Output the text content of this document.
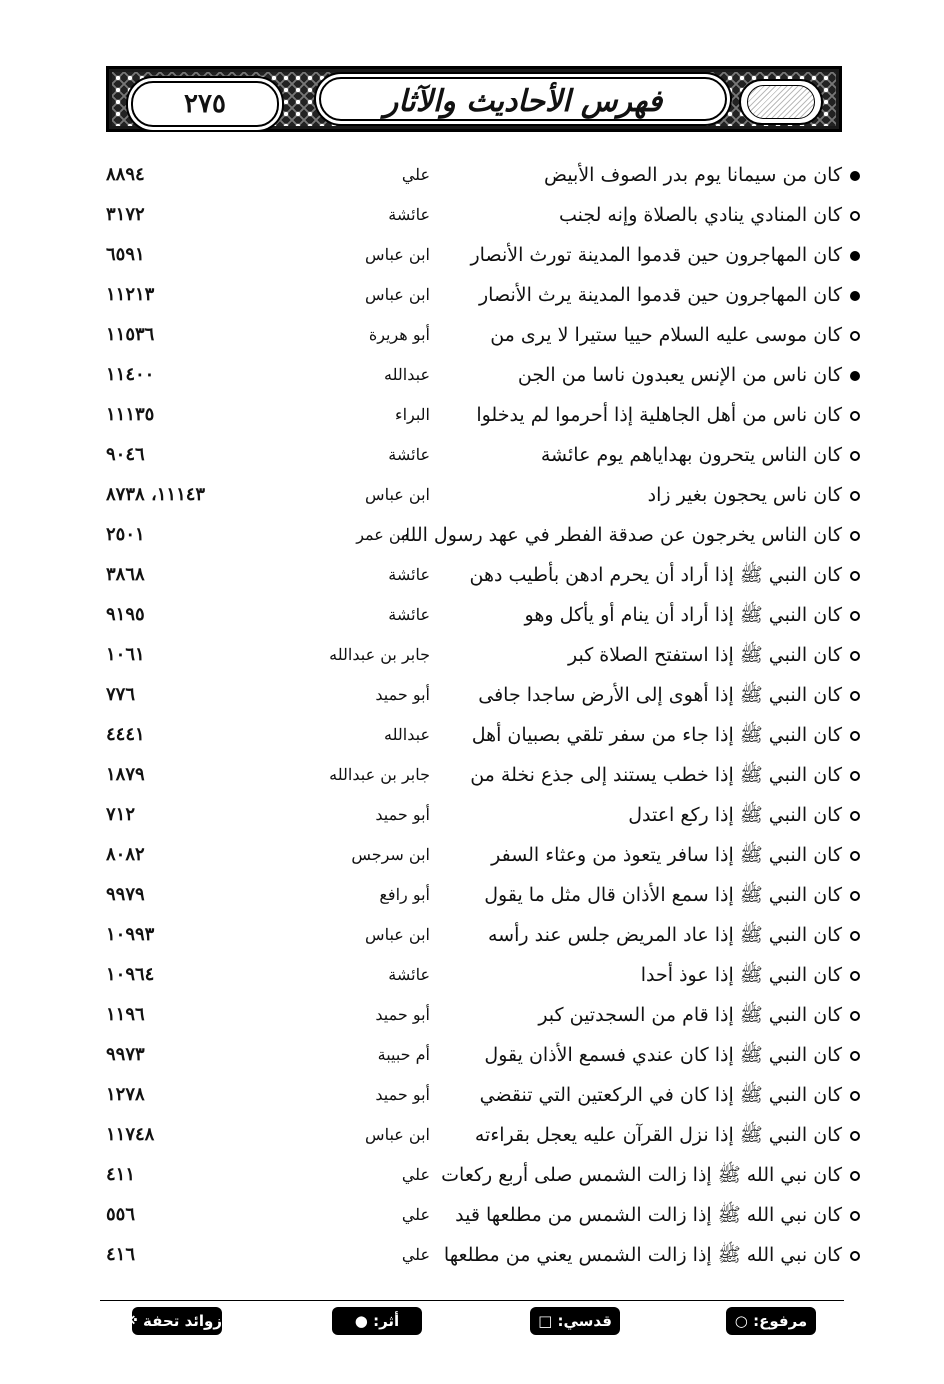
٢٧٥	فهرس الأحاديث والآثار
كان من سيمانا يوم بدر الصوف الأبيض
علي
٨٨٩٤
كان المنادي ينادي بالصلاة وإنه لجنب
عائشة
٣١٧٢
كان المهاجرون حين قدموا المدينة تورث الأنصار
ابن عباس
٦٥٩١
كان المهاجرون حين قدموا المدينة يرث الأنصار
ابن عباس
١١٢١٣
كان موسى عليه السلام حييا ستيرا لا يرى من
أبو هريرة
١١٥٣٦
كان ناس من الإنس يعبدون ناسا من الجن
عبدالله
١١٤٠٠
كان ناس من أهل الجاهلية إذا أحرموا لم يدخلوا
البراء
١١١٣٥
كان الناس يتحرون بهداياهم يوم عائشة
عائشة
٩٠٤٦
كان ناس يحجون بغير زاد
ابن عباس
١١١٤٣، ٨٧٣٨
كان الناس يخرجون عن صدقة الفطر في عهد رسول الله
ابن عمر
٢٥٠١
كان النبي ﷺ إذا أراد أن يحرم ادهن بأطيب دهن
عائشة
٣٨٦٨
كان النبي ﷺ إذا أراد أن ينام أو يأكل وهو
عائشة
٩١٩٥
كان النبي ﷺ إذا استفتح الصلاة كبر
جابر بن عبدالله
١٠٦١
كان النبي ﷺ إذا أهوى إلى الأرض ساجدا جافى
أبو حميد
٧٧٦
كان النبي ﷺ إذا جاء من سفر تلقي بصبيان أهل
عبدالله
٤٤٤١
كان النبي ﷺ إذا خطب يستند إلى جذع نخلة من
جابر بن عبدالله
١٨٧٩
كان النبي ﷺ إذا ركع اعتدل
أبو حميد
٧١٢
كان النبي ﷺ إذا سافر يتعوذ من وعثاء السفر
ابن سرجس
٨٠٨٢
كان النبي ﷺ إذا سمع الأذان قال مثل ما يقول
أبو رافع
٩٩٧٩
كان النبي ﷺ إذا عاد المريض جلس عند رأسه
ابن عباس
١٠٩٩٣
كان النبي ﷺ إذا عوذ أحدا
عائشة
١٠٩٦٤
كان النبي ﷺ إذا قام من السجدتين كبر
أبو حميد
١١٩٦
كان النبي ﷺ إذا كان عندي فسمع الأذان يقول
أم حبيبة
٩٩٧٣
كان النبي ﷺ إذا كان في الركعتين التي تنقضي
أبو حميد
١٢٧٨
كان النبي ﷺ إذا نزل القرآن عليه يعجل بقراءته
ابن عباس
١١٧٤٨
كان نبي الله ﷺ إذا زالت الشمس صلى أربع ركعات
علي
٤١١
كان نبي الله ﷺ إذا زالت الشمس من مطلعها قيد
علي
٥٥٦
كان نبي الله ﷺ إذا زالت الشمس يعني من مطلعها
علي
٤١٦
مرفوع: ○
قدسي: □
أثر: ●
زوائد تحفة ※
